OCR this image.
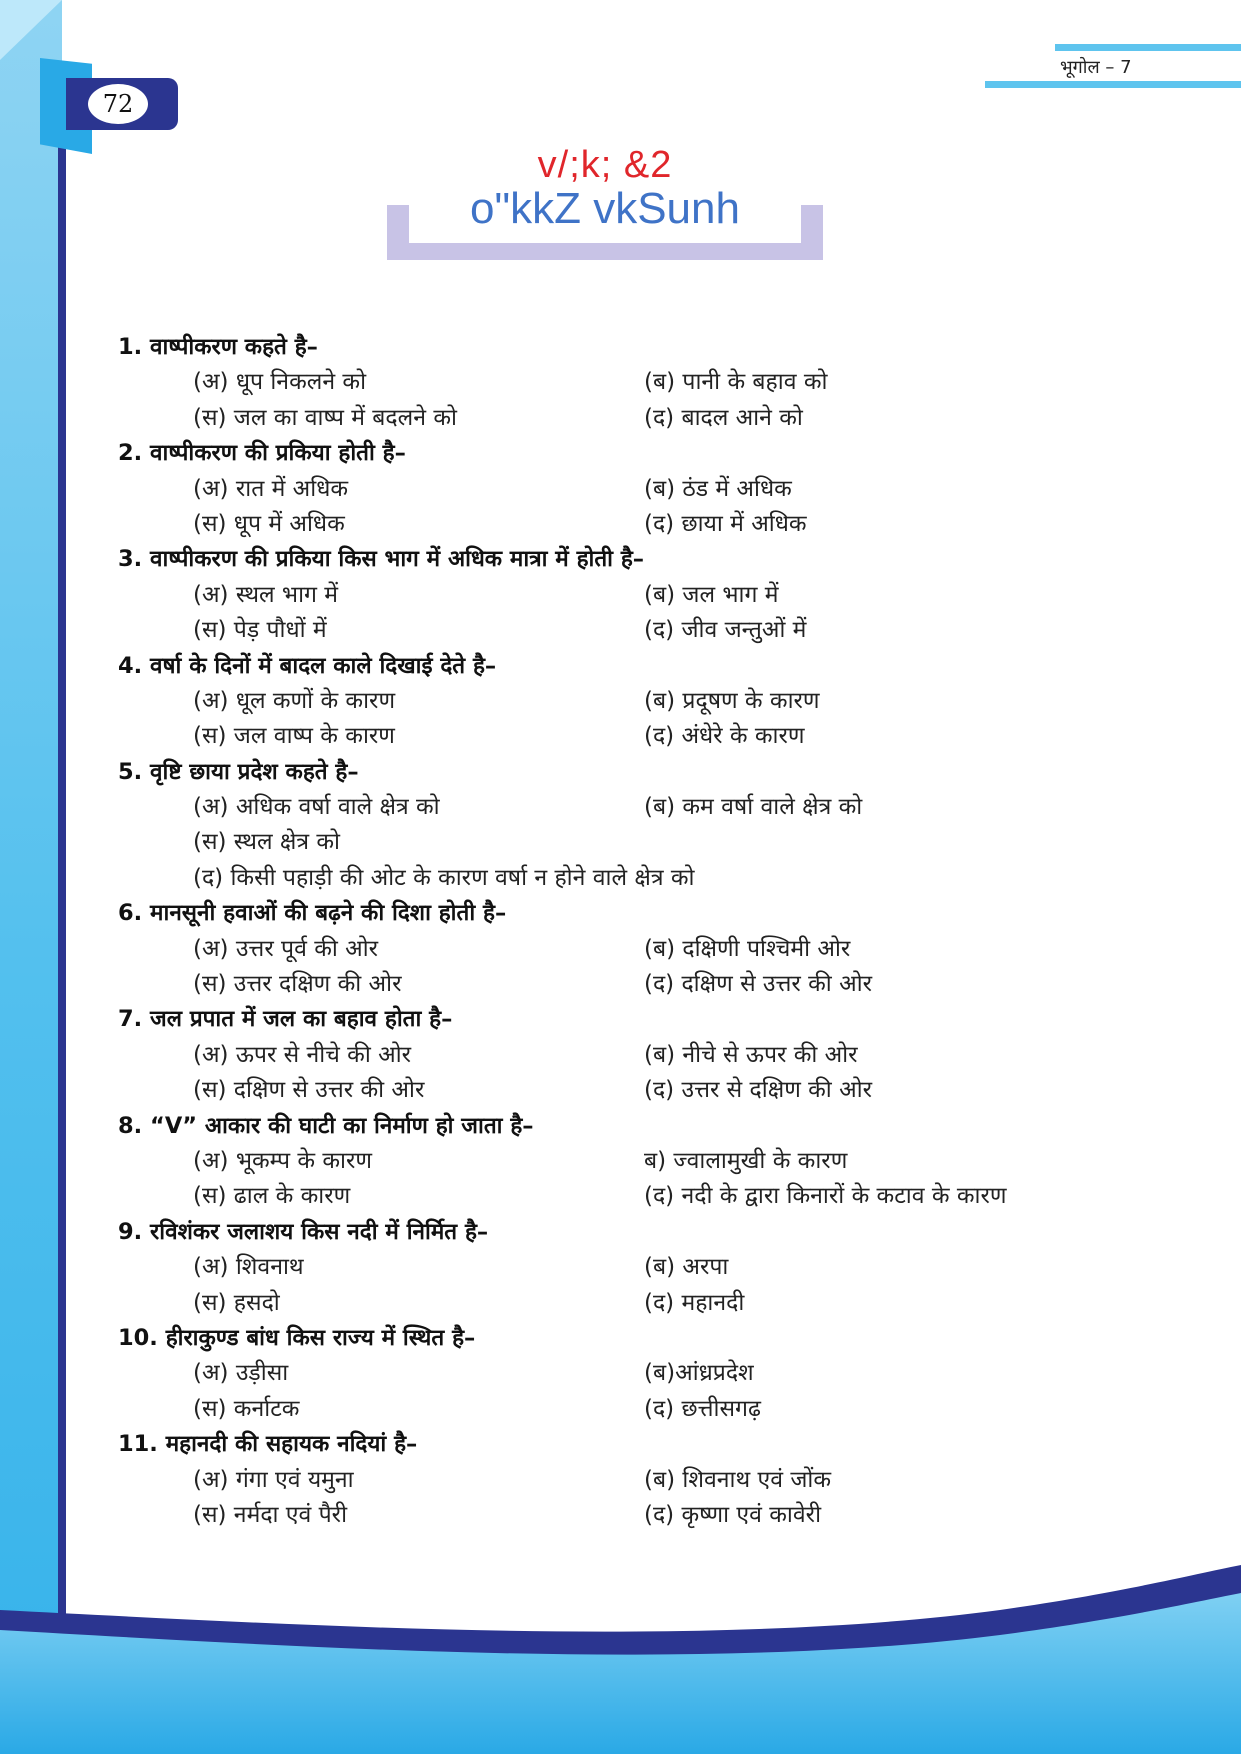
72
भूगोल – 7
v/;k; &2
o"kkZ vkSunh
1. वाष्पीकरण कहते है–
(अ) धूप निकलने को	(ब) पानी के बहाव को
(स) जल का वाष्प में बदलने को	(द) बादल आने को
2. वाष्पीकरण की प्रकिया होती है–
(अ) रात में अधिक	(ब) ठंड में अधिक
(स) धूप में अधिक	(द) छाया में अधिक
3. वाष्पीकरण की प्रकिया किस भाग में अधिक मात्रा में होती है–
(अ) स्थल भाग में	(ब) जल भाग में
(स) पेड़ पौधों में	(द) जीव जन्तुओं में
4. वर्षा के दिनों में बादल काले दिखाई देते है–
(अ) धूल कणों के कारण	(ब) प्रदूषण के कारण
(स) जल वाष्प के कारण	(द) अंधेरे के कारण
5. वृष्टि छाया प्रदेश कहते है–
(अ) अधिक वर्षा वाले क्षेत्र को	(ब) कम वर्षा वाले क्षेत्र को
(स) स्थल क्षेत्र को
(द) किसी पहाड़ी की ओट के कारण वर्षा न होने वाले क्षेत्र को
6. मानसूनी हवाओं की बढ़ने की दिशा होती है–
(अ) उत्तर पूर्व की ओर	(ब) दक्षिणी पश्चिमी ओर
(स) उत्तर दक्षिण की ओर	(द) दक्षिण से उत्तर की ओर
7. जल प्रपात में जल का बहाव होता है–
(अ) ऊपर से नीचे की ओर	(ब) नीचे से ऊपर की ओर
(स) दक्षिण से उत्तर की ओर	(द) उत्तर से दक्षिण की ओर
8. “V” आकार की घाटी का निर्माण हो जाता है–
(अ) भूकम्प के कारण	ब) ज्वालामुखी के कारण
(स) ढाल के कारण	(द) नदी के द्वारा किनारों के कटाव के कारण
9. रविशंकर जलाशय किस नदी में निर्मित है–
(अ) शिवनाथ	(ब) अरपा
(स) हसदो	(द) महानदी
10. हीराकुण्ड बांध किस राज्य में स्थित है–
(अ) उड़ीसा	(ब)आंध्रप्रदेश
(स) कर्नाटक	(द) छत्तीसगढ़
11. महानदी की सहायक नदियां है–
(अ) गंगा एवं यमुना	(ब) शिवनाथ एवं जोंक
(स) नर्मदा एवं पैरी	(द) कृष्णा एवं कावेरी
